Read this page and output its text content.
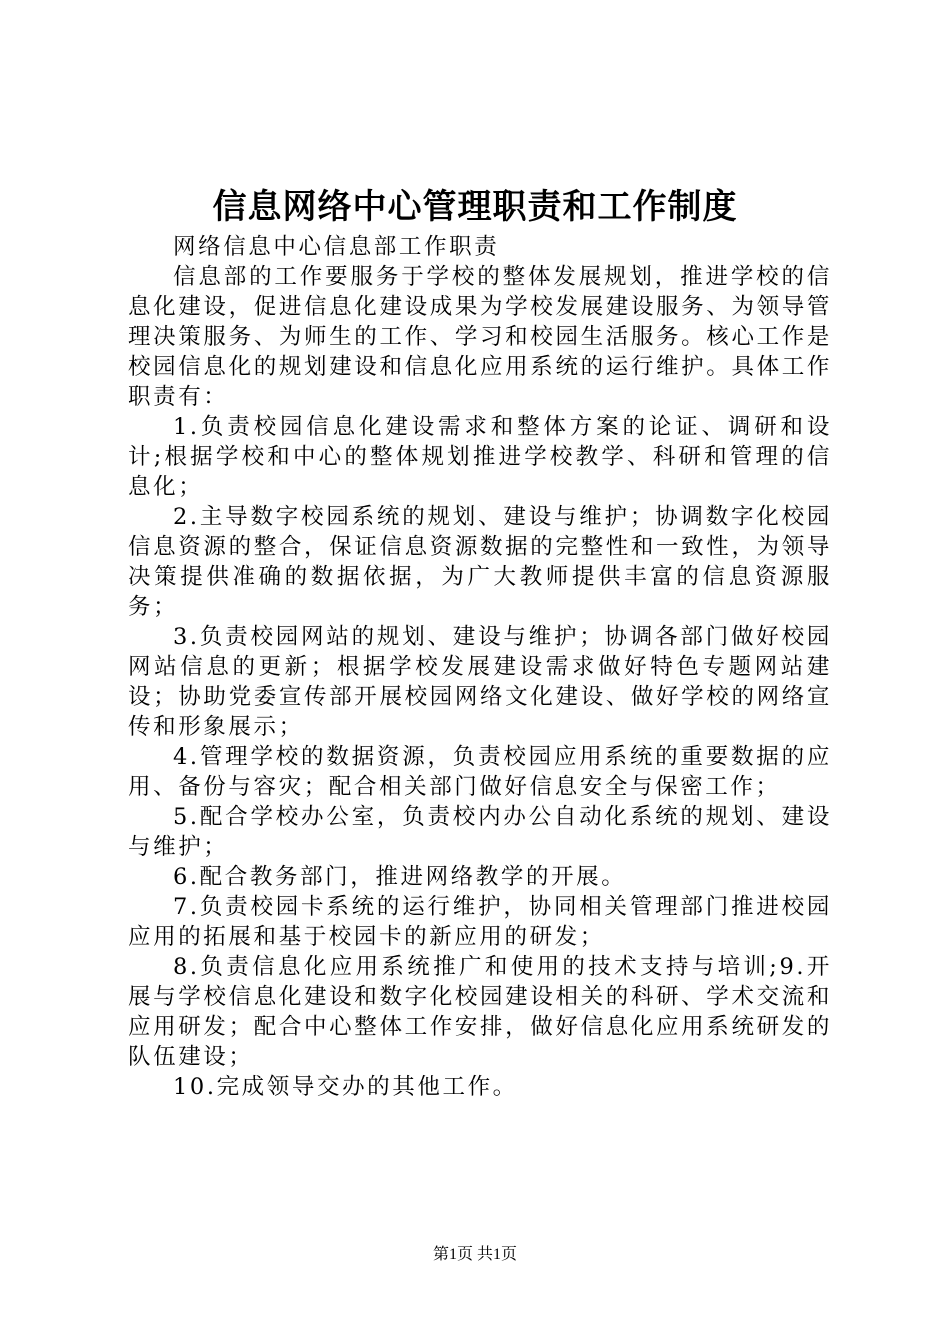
信息网络中心管理职责和工作制度

网络信息中心信息部工作职责

信息部的工作要服务于学校的整体发展规划，推进学校的信息化建设，促进信息化建设成果为学校发展建设服务、为领导管理决策服务、为师生的工作、学习和校园生活服务。核心工作是校园信息化的规划建设和信息化应用系统的运行维护。具体工作职责有：

1.负责校园信息化建设需求和整体方案的论证、调研和设计;根据学校和中心的整体规划推进学校教学、科研和管理的信息化；

2.主导数字校园系统的规划、建设与维护；协调数字化校园信息资源的整合，保证信息资源数据的完整性和一致性，为领导决策提供准确的数据依据，为广大教师提供丰富的信息资源服务；

3.负责校园网站的规划、建设与维护；协调各部门做好校园网站信息的更新；根据学校发展建设需求做好特色专题网站建设；协助党委宣传部开展校园网络文化建设、做好学校的网络宣传和形象展示；

4.管理学校的数据资源，负责校园应用系统的重要数据的应用、备份与容灾；配合相关部门做好信息安全与保密工作；

5.配合学校办公室，负责校内办公自动化系统的规划、建设与维护；

6.配合教务部门，推进网络教学的开展。

7.负责校园卡系统的运行维护，协同相关管理部门推进校园应用的拓展和基于校园卡的新应用的研发；

8.负责信息化应用系统推广和使用的技术支持与培训;9.开展与学校信息化建设和数字化校园建设相关的科研、学术交流和应用研发；配合中心整体工作安排，做好信息化应用系统研发的队伍建设；

10.完成领导交办的其他工作。

第1页 共1页
